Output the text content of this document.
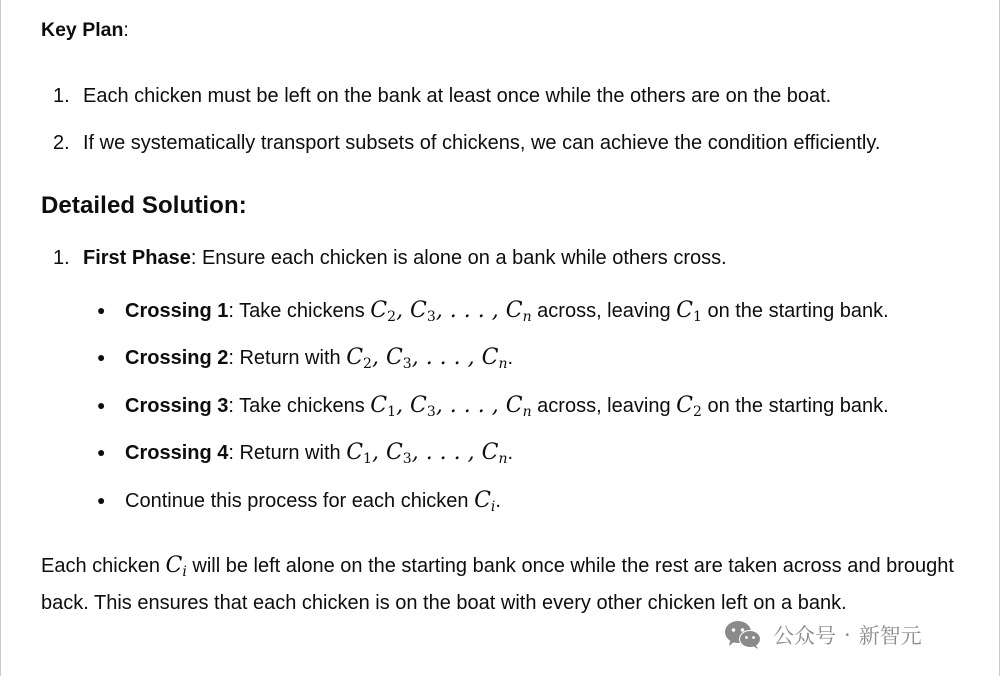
Key Plan:
1. Each chicken must be left on the bank at least once while the others are on the boat.
2. If we systematically transport subsets of chickens, we can achieve the condition efficiently.
Detailed Solution:
1. First Phase: Ensure each chicken is alone on a bank while others cross.
● Crossing 1: Take chickens $C_2$, $C_3$, . . . , $C_n$ across, leaving $C_1$ on the starting bank.
● Crossing 2: Return with $C_2$, $C_3$, . . . , $C_n$.
● Crossing 3: Take chickens $C_1$, $C_3$, . . . , $C_n$ across, leaving $C_2$ on the starting bank.
● Crossing 4: Return with $C_1$, $C_3$, . . . , $C_n$.
● Continue this process for each chicken $C_i$.

Each chicken $C_i$ will be left alone on the starting bank once while the rest are taken across and brought back. This ensures that each chicken is on the boat with every other chicken left on a bank.

公众号 · 新智元
